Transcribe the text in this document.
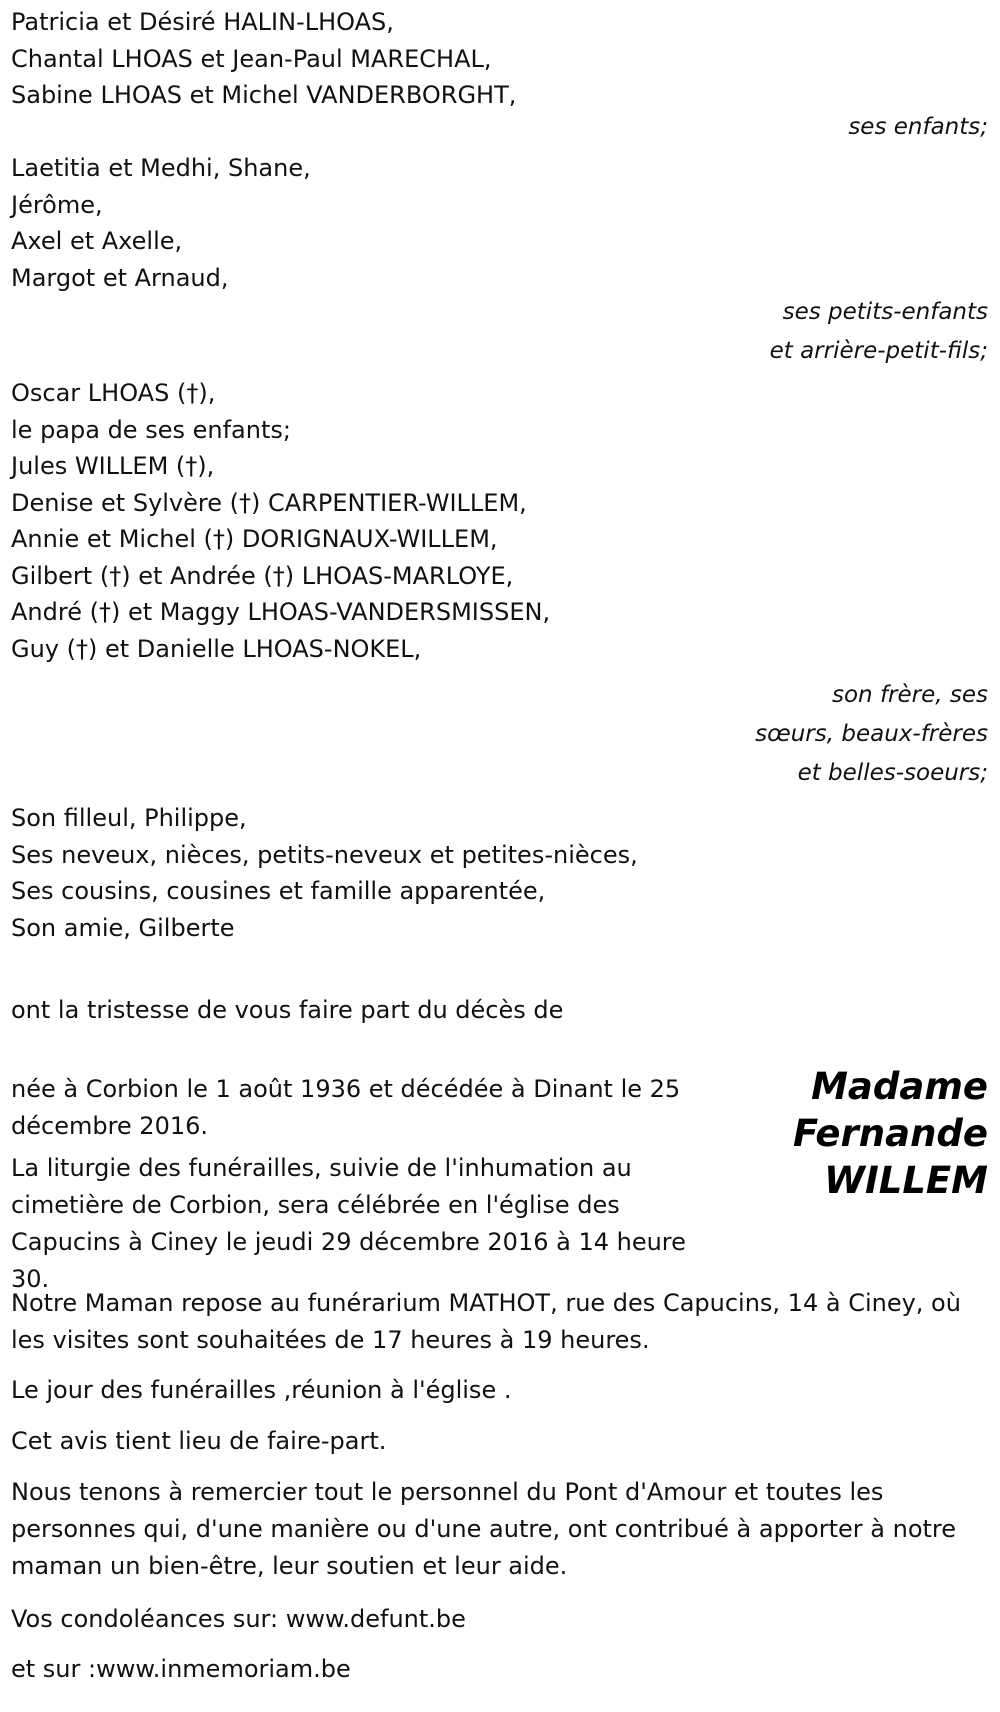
Patricia et Désiré HALIN-LHOAS,
Chantal LHOAS et Jean-Paul MARECHAL,
Sabine LHOAS et Michel VANDERBORGHT,
ses enfants;
Laetitia et Medhi, Shane,
Jérôme,
Axel et Axelle,
Margot et Arnaud,
ses petits-enfants
et arrière-petit-fils;
Oscar LHOAS (†),
le papa de ses enfants;
Jules WILLEM (†),
Denise et Sylvère (†) CARPENTIER-WILLEM,
Annie et Michel (†) DORIGNAUX-WILLEM,
Gilbert (†) et Andrée (†) LHOAS-MARLOYE,
André (†) et Maggy LHOAS-VANDERSMISSEN,
Guy (†) et Danielle LHOAS-NOKEL,
son frère, ses
sœurs, beaux-frères
et belles-soeurs;
Son filleul, Philippe,
Ses neveux, nièces, petits-neveux et petites-nièces,
Ses cousins, cousines et famille apparentée,
Son amie, Gilberte
ont la tristesse de vous faire part du décès de
Madame
Fernande
WILLEM
née à Corbion le 1 août 1936 et décédée à Dinant le 25 décembre 2016.
La liturgie des funérailles, suivie de l'inhumation au cimetière de Corbion, sera célébrée en l'église des Capucins à Ciney le jeudi 29 décembre 2016 à 14 heure 30.
Notre Maman repose au funérarium MATHOT, rue des Capucins, 14 à Ciney, où les visites sont souhaitées de 17 heures à 19 heures.
Le jour des funérailles ,réunion à l'église .
Cet avis tient lieu de faire-part.
Nous tenons à remercier tout le personnel du Pont d'Amour et toutes les personnes qui, d'une manière ou d'une autre, ont contribué à apporter à notre maman un bien-être, leur soutien et leur aide.
Vos condoléances sur: www.defunt.be
et sur :www.inmemoriam.be
